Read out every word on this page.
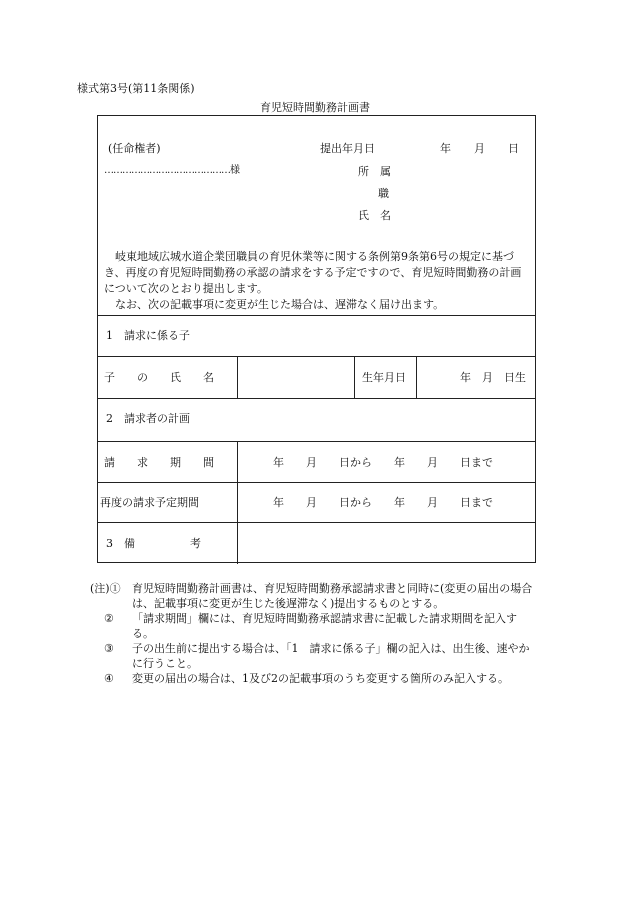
様式第3号(第11条関係)
育児短時間勤務計画書
(任命権者)	提出年月日	年 月 日
……………………………………様	所　属
職
氏　名
　岐東地域広城水道企業団職員の育児休業等に関する条例第9条第6号の規定に基づき、再度の育児短時間勤務の承認の請求をする予定ですので、育児短時間勤務の計画について次のとおり提出します。
　なお、次の記載事項に変更が生じた場合は、遅滞なく届け出ます。
1　請求に係る子
子　　の　　氏　　名	生年月日	年　月　日生
2　請求者の計画
請　　求　　期　　間	年　　月　　日から　　年　　月　　日まで
再度の請求予定期間	年　　月　　日から　　年　　月　　日まで
3　備　　　　　考
(注)① 育児短時間勤務計画書は、育児短時間勤務承認請求書と同時に(変更の届出の場合は、記載事項に変更が生じた後遅滞なく)提出するものとする。
② 「請求期間」欄には、育児短時間勤務承認請求書に記載した請求期間を記入する。
③ 子の出生前に提出する場合は、「1　請求に係る子」欄の記入は、出生後、速やかに行うこと。
④ 変更の届出の場合は、1及び2の記載事項のうち変更する箇所のみ記入する。
